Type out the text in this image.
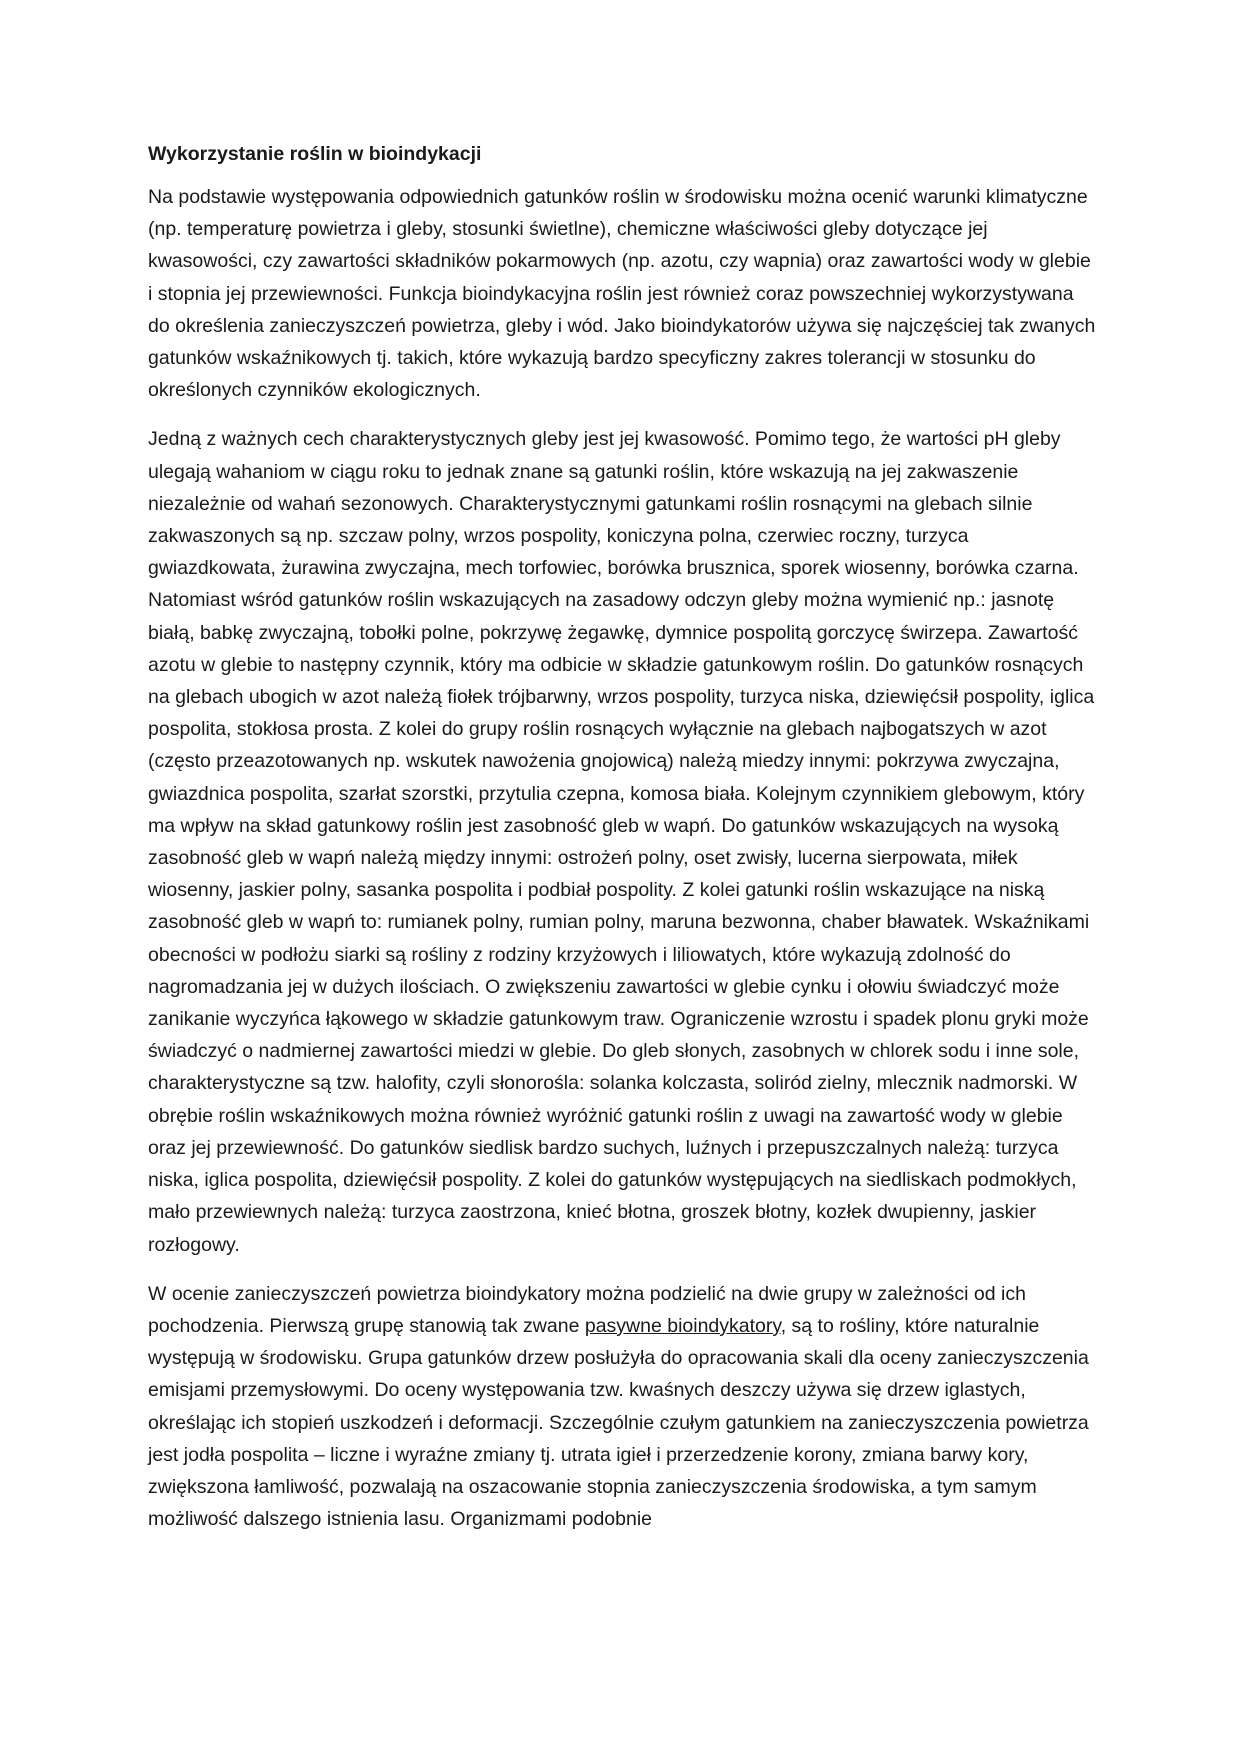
Wykorzystanie roślin w bioindykacji

Na podstawie występowania odpowiednich gatunków roślin w środowisku można ocenić warunki klimatyczne (np. temperaturę powietrza i gleby, stosunki świetlne), chemiczne właściwości gleby dotyczące jej kwasowości, czy zawartości składników pokarmowych (np. azotu, czy wapnia) oraz zawartości wody w glebie i stopnia jej przewiewności. Funkcja bioindykacyjna roślin jest również coraz powszechniej wykorzystywana do określenia zanieczyszczeń powietrza, gleby i wód. Jako bioindykatorów używa się najczęściej tak zwanych gatunków wskaźnikowych tj. takich, które wykazują bardzo specyficzny zakres tolerancji w stosunku do określonych czynników ekologicznych.

Jedną z ważnych cech charakterystycznych gleby jest jej kwasowość. Pomimo tego, że wartości pH gleby ulegają wahaniom w ciągu roku to jednak znane są gatunki roślin, które wskazują na jej zakwaszenie niezależnie od wahań sezonowych. Charakterystycznymi gatunkami roślin rosnącymi na glebach silnie zakwaszonych są np. szczaw polny, wrzos pospolity, koniczyna polna, czerwiec roczny, turzyca gwiazdkowata, żurawina zwyczajna, mech torfowiec, borówka brusznica, sporek wiosenny, borówka czarna. Natomiast wśród gatunków roślin wskazujących na zasadowy odczyn gleby można wymienić np.: jasnotę białą, babkę zwyczajną, tobołki polne, pokrzywę żegawkę, dymnice pospolitą gorczycę świrzepa. Zawartość azotu w glebie to następny czynnik, który ma odbicie w składzie gatunkowym roślin. Do gatunków rosnących na glebach ubogich w azot należą fiołek trójbarwny, wrzos pospolity, turzyca niska, dziewięćsił pospolity, iglica pospolita, stokłosa prosta. Z kolei do grupy roślin rosnących wyłącznie na glebach najbogatszych w azot (często przeazotowanych np. wskutek nawożenia gnojowicą) należą miedzy innymi: pokrzywa zwyczajna, gwiazdnica pospolita, szarłat szorstki, przytulia czepna, komosa biała. Kolejnym czynnikiem glebowym, który ma wpływ na skład gatunkowy roślin jest zasobność gleb w wapń. Do gatunków wskazujących na wysoką zasobność gleb w wapń należą między innymi: ostrożeń polny, oset zwisły, lucerna sierpowata, miłek wiosenny, jaskier polny, sasanka pospolita i podbiał pospolity. Z kolei gatunki roślin wskazujące na niską zasobność gleb w wapń to: rumianek polny, rumian polny, maruna bezwonna, chaber bławatek. Wskaźnikami obecności w podłożu siarki są rośliny z rodziny krzyżowych i liliowatych, które wykazują zdolność do nagromadzania jej w dużych ilościach. O zwiększeniu zawartości w glebie cynku i ołowiu świadczyć może zanikanie wyczyńca łąkowego w składzie gatunkowym traw. Ograniczenie wzrostu i spadek plonu gryki może świadczyć o nadmiernej zawartości miedzi w glebie. Do gleb słonych, zasobnych w chlorek sodu i inne sole, charakterystyczne są tzw. halofity, czyli słonorośla: solanka kolczasta, soliród zielny, mlecznik nadmorski. W obrębie roślin wskaźnikowych można również wyróżnić gatunki roślin z uwagi na zawartość wody w glebie oraz jej przewiewność. Do gatunków siedlisk bardzo suchych, luźnych i przepuszczalnych należą: turzyca niska, iglica pospolita, dziewięćsił pospolity. Z kolei do gatunków występujących na siedliskach podmokłych, mało przewiewnych należą: turzyca zaostrzona, knieć błotna, groszek błotny, kozłek dwupienny, jaskier rozłogowy.

W ocenie zanieczyszczeń powietrza bioindykatory można podzielić na dwie grupy w zależności od ich pochodzenia. Pierwszą grupę stanowią tak zwane pasywne bioindykatory, są to rośliny, które naturalnie występują w środowisku. Grupa gatunków drzew posłużyła do opracowania skali dla oceny zanieczyszczenia emisjami przemysłowymi. Do oceny występowania tzw. kwaśnych deszczy używa się drzew iglastych, określając ich stopień uszkodzeń i deformacji. Szczególnie czułym gatunkiem na zanieczyszczenia powietrza jest jodła pospolita – liczne i wyraźne zmiany tj. utrata igieł i przerzedzenie korony, zmiana barwy kory, zwiększona łamliwość, pozwalają na oszacowanie stopnia zanieczyszczenia środowiska, a tym samym możliwość dalszego istnienia lasu. Organizmami podobnie
